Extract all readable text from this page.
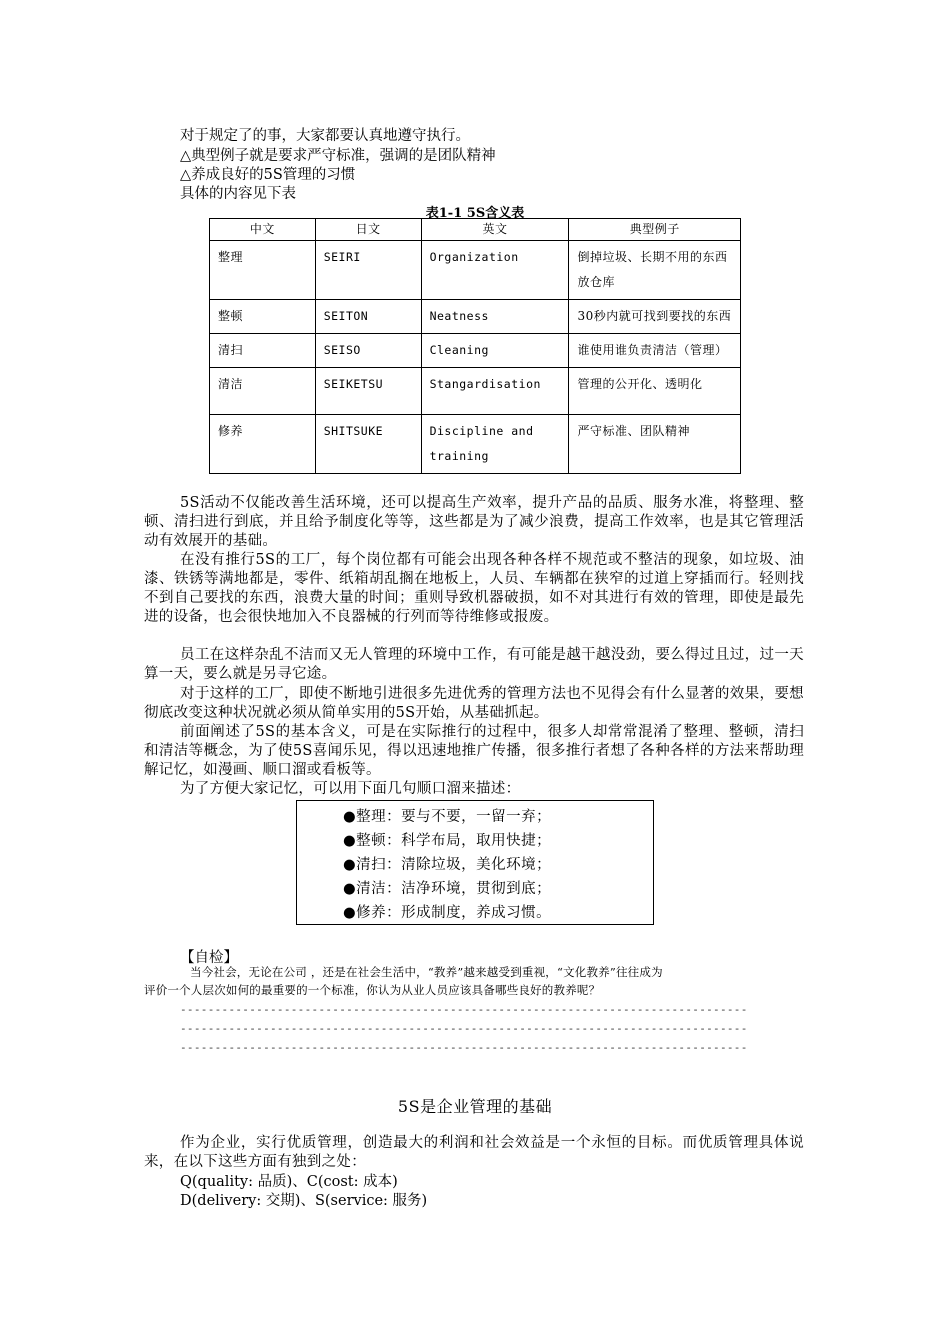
对于规定了的事，大家都要认真地遵守执行。
△典型例子就是要求严守标准，强调的是团队精神
△养成良好的5S管理的习惯
具体的内容见下表
表1-1 5S含义表
中文	日文	英文	典型例子
整理	SEIRI	Organization	倒掉垃圾、长期不用的东西放仓库
整顿	SEITON	Neatness	30秒内就可找到要找的东西
清扫	SEISO	Cleaning	谁使用谁负责清洁（管理）
清洁	SEIKETSU	Stangardisation	管理的公开化、透明化
修养	SHITSUKE	Discipline and training	严守标准、团队精神
5S活动不仅能改善生活环境，还可以提高生产效率，提升产品的品质、服务水准，将整理、整顿、清扫进行到底，并且给予制度化等等，这些都是为了减少浪费，提高工作效率，也是其它管理活动有效展开的基础。
在没有推行5S的工厂，每个岗位都有可能会出现各种各样不规范或不整洁的现象，如垃圾、油漆、铁锈等满地都是，零件、纸箱胡乱搁在地板上，人员、车辆都在狭窄的过道上穿插而行。轻则找不到自己要找的东西，浪费大量的时间；重则导致机器破损，如不对其进行有效的管理，即使是最先进的设备，也会很快地加入不良器械的行列而等待维修或报废。
员工在这样杂乱不洁而又无人管理的环境中工作，有可能是越干越没劲，要么得过且过，过一天算一天，要么就是另寻它途。
对于这样的工厂，即使不断地引进很多先进优秀的管理方法也不见得会有什么显著的效果，要想彻底改变这种状况就必须从简单实用的5S开始，从基础抓起。
前面阐述了5S的基本含义，可是在实际推行的过程中，很多人却常常混淆了整理、整顿，清扫和清洁等概念，为了使5S喜闻乐见，得以迅速地推广传播，很多推行者想了各种各样的方法来帮助理解记忆，如漫画、顺口溜或看板等。
为了方便大家记忆，可以用下面几句顺口溜来描述：
●整理：要与不要，一留一弃；
●整顿：科学布局，取用快捷；
●清扫：清除垃圾，美化环境；
●清洁：洁净环境，贯彻到底；
●修养：形成制度，养成习惯。
【自检】
当今社会，无论在公司 ，还是在社会生活中，“教养”越来越受到重视，“文化教养”往往成为
评价一个人层次如何的最重要的一个标准，你认为从业人员应该具备哪些良好的教养呢？
----------------------------------------------------------------------------------
----------------------------------------------------------------------------------
----------------------------------------------------------------------------------
5S是企业管理的基础
作为企业，实行优质管理，创造最大的利润和社会效益是一个永恒的目标。而优质管理具体说来，在以下这些方面有独到之处：
Q(quality: 品质)、C(cost: 成本)
D(delivery: 交期)、S(service: 服务)
